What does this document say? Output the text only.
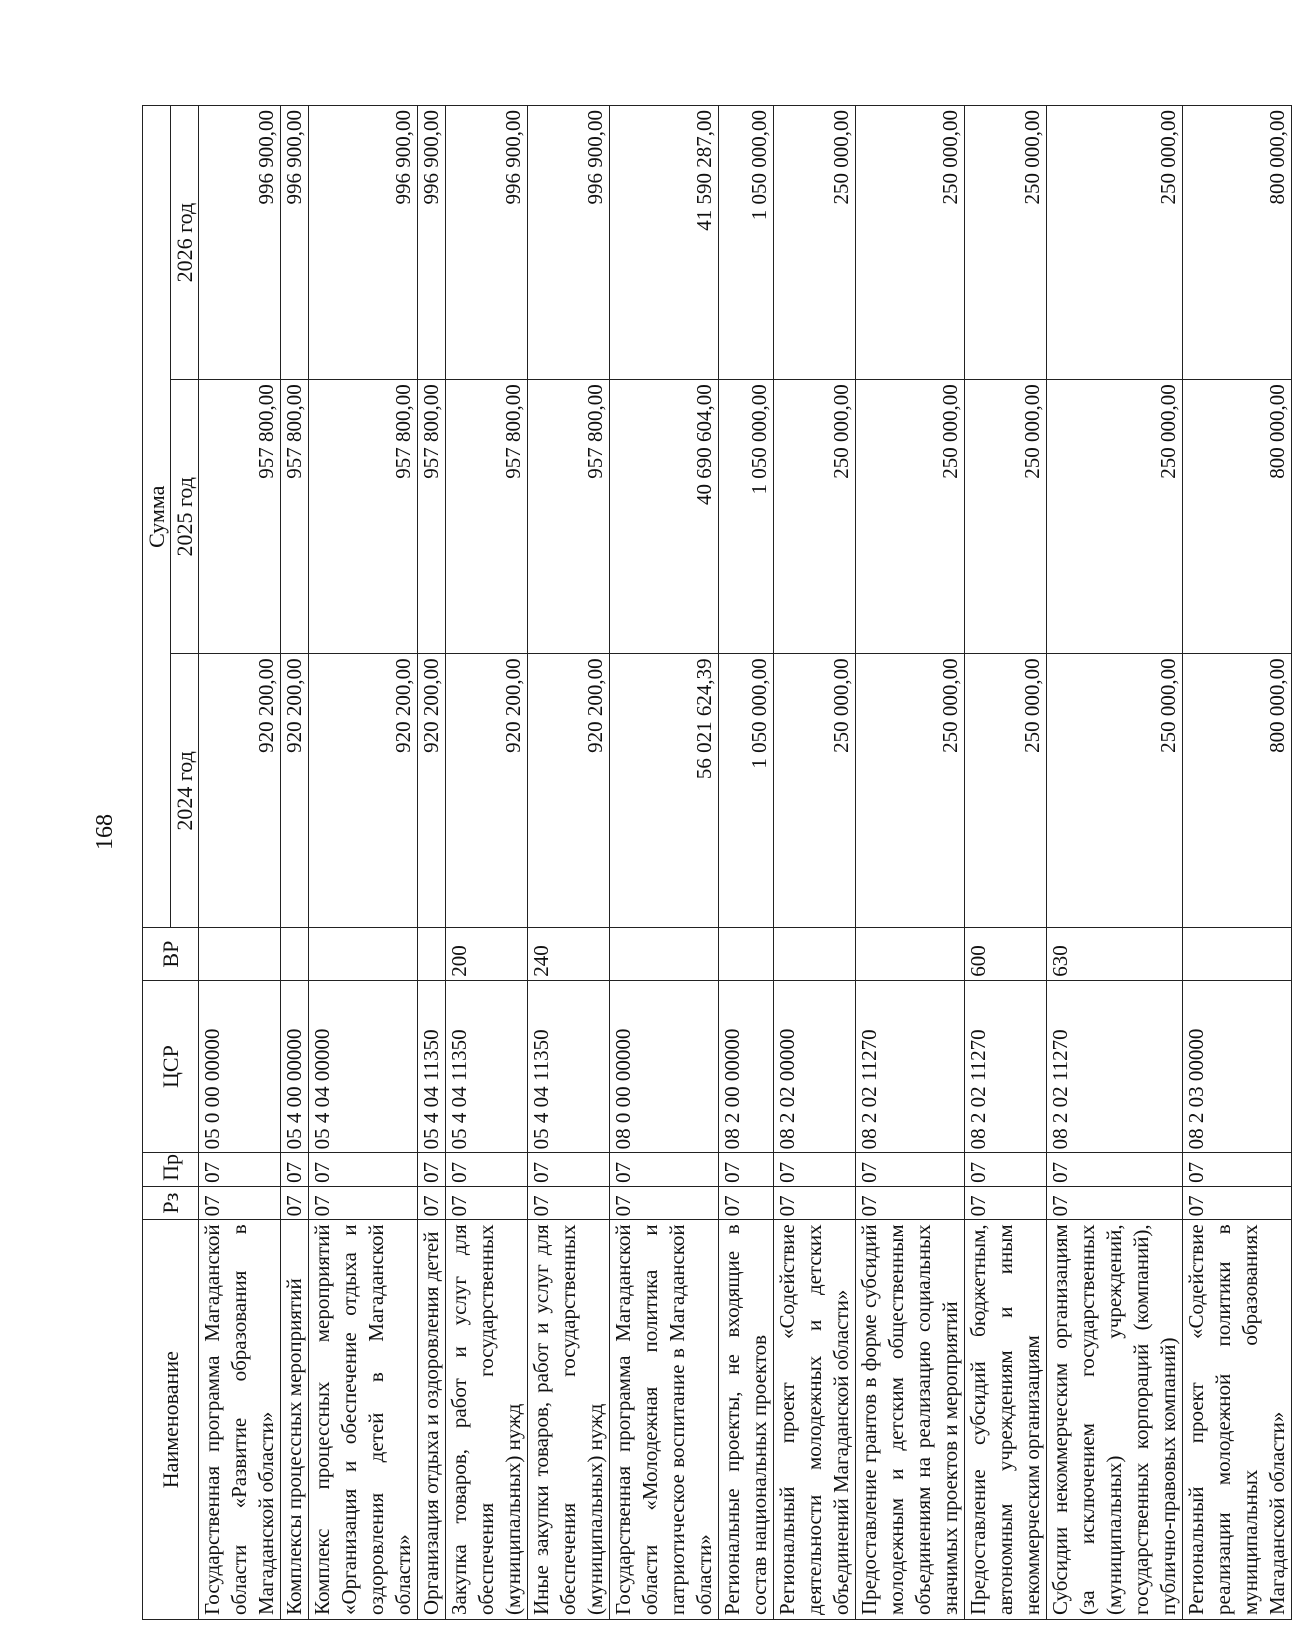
168
Наименование	Рз	Пр	ЦСР	ВР	Сумма		
					2024 год	2025 год	2026 год
Государственная программа Магаданской области «Развитие образования в Магаданской области»	07	07	05 0 00 00000		920 200,00	957 800,00	996 900,00
Комплексы процессных мероприятий	07	07	05 4 00 00000		920 200,00	957 800,00	996 900,00
Комплекс процессных мероприятий «Организация и обеспечение отдыха и оздоровления детей в Магаданской области»	07	07	05 4 04 00000		920 200,00	957 800,00	996 900,00
Организация отдыха и оздоровления детей	07	07	05 4 04 11350		920 200,00	957 800,00	996 900,00
Закупка товаров, работ и услуг для обеспечения государственных (муниципальных) нужд	07	07	05 4 04 11350	200	920 200,00	957 800,00	996 900,00
Иные закупки товаров, работ и услуг для обеспечения государственных (муниципальных) нужд	07	07	05 4 04 11350	240	920 200,00	957 800,00	996 900,00
Государственная программа Магаданской области «Молодежная политика и патриотическое воспитание в Магаданской области»	07	07	08 0 00 00000		56 021 624,39	40 690 604,00	41 590 287,00
Региональные проекты, не входящие в состав национальных проектов	07	07	08 2 00 00000		1 050 000,00	1 050 000,00	1 050 000,00
Региональный проект «Содействие деятельности молодежных и детских объединений Магаданской области»	07	07	08 2 02 00000		250 000,00	250 000,00	250 000,00
Предоставление грантов в форме субсидий молодежным и детским общественным объединениям на реализацию социальных значимых проектов и мероприятий	07	07	08 2 02 11270		250 000,00	250 000,00	250 000,00
Предоставление субсидий бюджетным, автономным учреждениям и иным некоммерческим организациям	07	07	08 2 02 11270	600	250 000,00	250 000,00	250 000,00
Субсидии некоммерческим организациям (за исключением государственных (муниципальных) учреждений, государственных корпораций (компаний), публично-правовых компаний)	07	07	08 2 02 11270	630	250 000,00	250 000,00	250 000,00
Региональный проект «Содействие реализации молодежной политики в муниципальных образованиях Магаданской области»	07	07	08 2 03 00000		800 000,00	800 000,00	800 000,00
